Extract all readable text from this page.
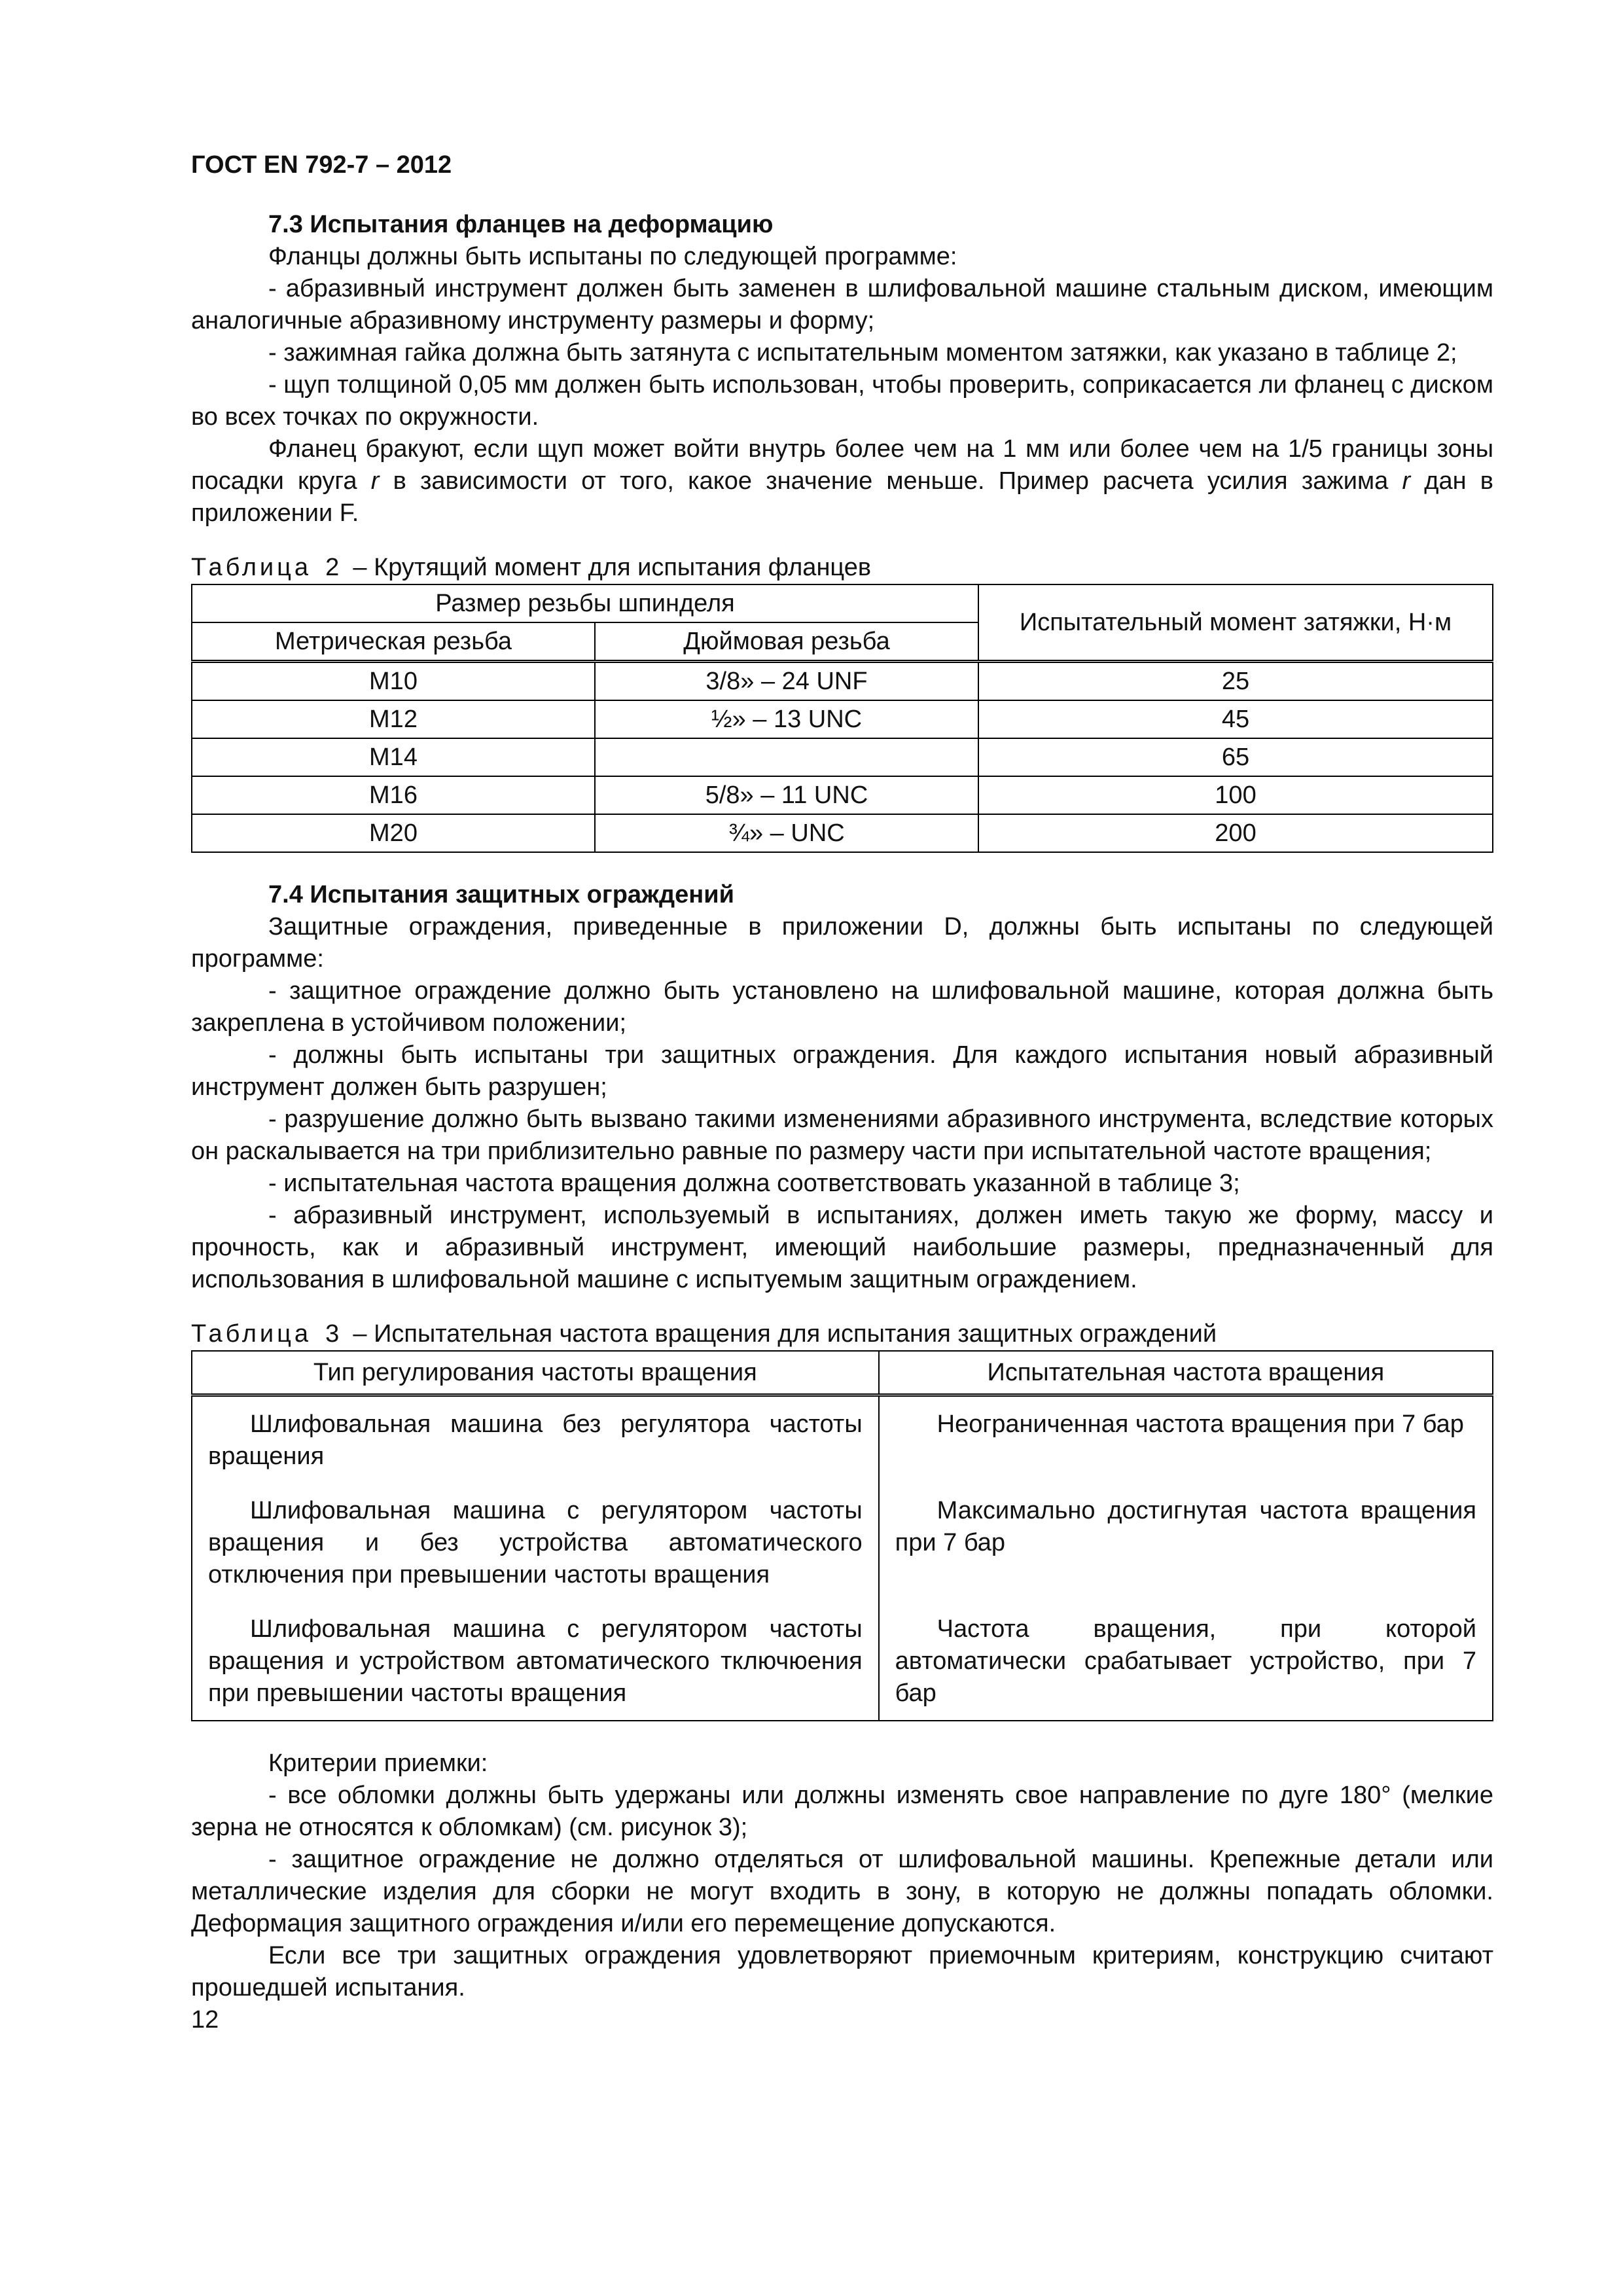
ГОСТ EN 792-7 – 2012
7.3 Испытания фланцев на деформацию

Фланцы должны быть испытаны по следующей программе:

- абразивный инструмент должен быть заменен в шлифовальной машине стальным диском, имеющим аналогичные абразивному инструменту размеры и форму;

- зажимная гайка должна быть затянута с испытательным моментом затяжки, как указано в таблице 2;

- щуп толщиной 0,05 мм должен быть использован, чтобы проверить, соприкасается ли фланец с диском во всех точках по окружности.

Фланец бракуют, если щуп может войти внутрь более чем на 1 мм или более чем на 1/5 границы зоны посадки круга r в зависимости от того, какое значение меньше. Пример расчета усилия зажима r дан в приложении F.

Таблица 2 – Крутящий момент для испытания фланцев
Размер резьбы шпинделя		Испытательный момент затяжки, Н·м
Метрическая резьба	Дюймовая резьба	
M10	3/8» – 24 UNF	25
M12	½» – 13 UNC	45
M14		65
M16	5/8» – 11 UNC	100
M20	¾» – UNC	200
7.4 Испытания защитных ограждений

Защитные ограждения, приведенные в приложении D, должны быть испытаны по следующей программе:

- защитное ограждение должно быть установлено на шлифовальной машине, которая должна быть закреплена в устойчивом положении;

- должны быть испытаны три защитных ограждения. Для каждого испытания новый абразивный инструмент должен быть разрушен;

- разрушение должно быть вызвано такими изменениями абразивного инструмента, вследствие которых он раскалывается на три приблизительно равные по размеру части при испытательной частоте вращения;

- испытательная частота вращения должна соответствовать указанной в таблице 3;

- абразивный инструмент, используемый в испытаниях, должен иметь такую же форму, массу и прочность, как и абразивный инструмент, имеющий наибольшие размеры, предназначенный для использования в шлифовальной машине с испытуемым защитным ограждением.

Таблица 3 – Испытательная частота вращения для испытания защитных ограждений
Тип регулирования частоты вращения	Испытательная частота вращения

Шлифовальная машина без регулятора частоты вращения	Неограниченная частота вращения при 7 бар

Шлифовальная машина с регулятором частоты вращения и без устройства автоматического отключения при превышении частоты вращения	Максимально достигнутая частота вращения при 7 бар

Шлифовальная машина с регулятором частоты вращения и устройством автоматического тключюения при превышении частоты вращения	Частота вращения, при которой автоматически срабатывает устройство, при 7 бар

Критерии приемки:

- все обломки должны быть удержаны или должны изменять свое направление по дуге 180° (мелкие зерна не относятся к обломкам) (см. рисунок 3);

- защитное ограждение не должно отделяться от шлифовальной машины. Крепежные детали или металлические изделия для сборки не могут входить в зону, в которую не должны попадать обломки. Деформация защитного ограждения и/или его перемещение допускаются.

Если все три защитных ограждения удовлетворяют приемочным критериям, конструкцию считают прошедшей испытания.

12
